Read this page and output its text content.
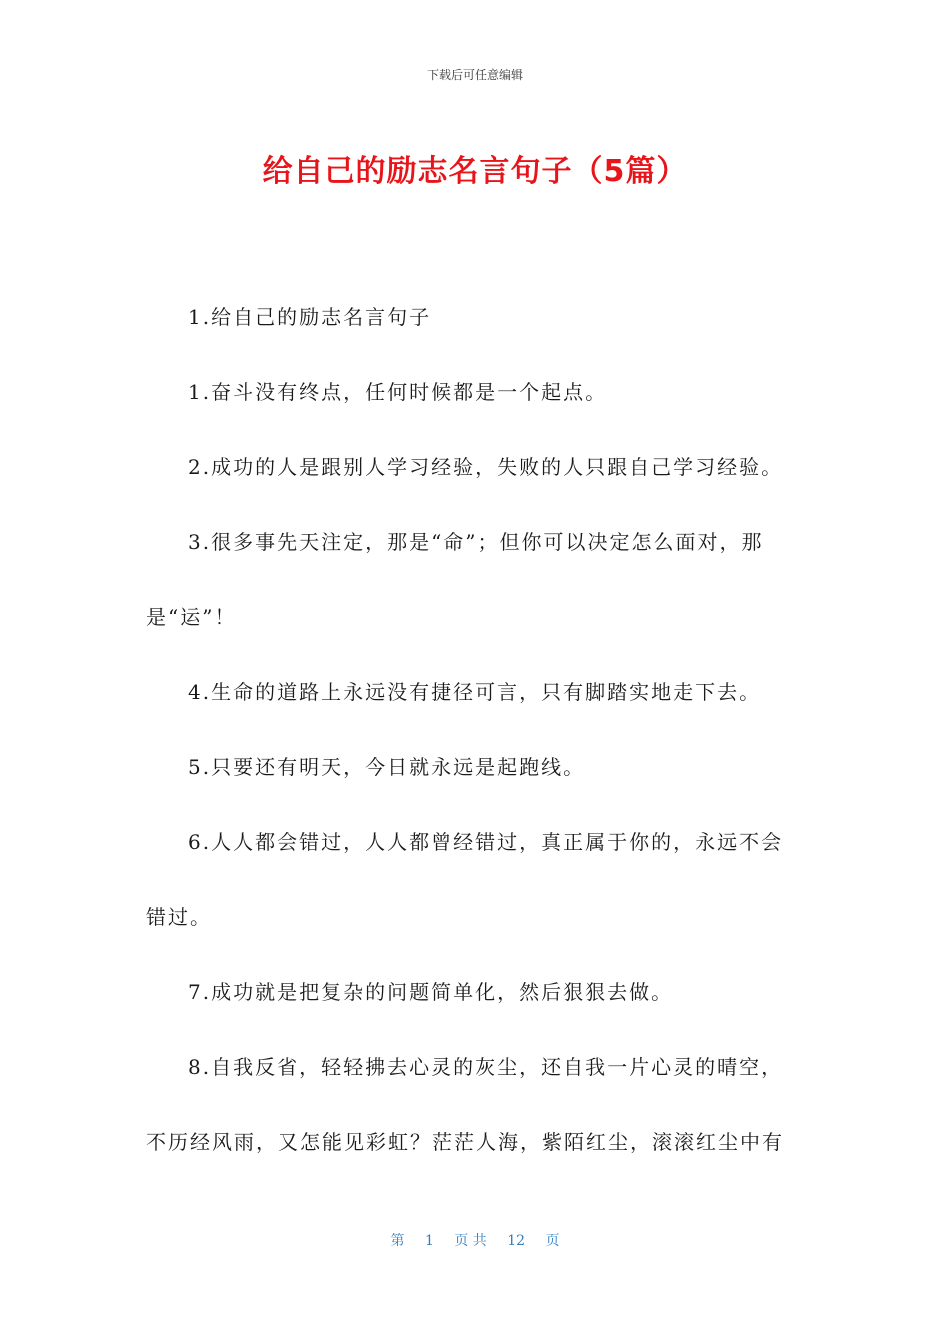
下载后可任意编辑
给自己的励志名言句子（5篇）
1.给自己的励志名言句子
1.奋斗没有终点，任何时候都是一个起点。
2.成功的人是跟别人学习经验，失败的人只跟自己学习经验。
3.很多事先天注定，那是“命”；但你可以决定怎么面对，那
是“运”！
4.生命的道路上永远没有捷径可言，只有脚踏实地走下去。
5.只要还有明天，今日就永远是起跑线。
6.人人都会错过，人人都曾经错过，真正属于你的，永远不会
错过。
7.成功就是把复杂的问题简单化，然后狠狠去做。
8.自我反省，轻轻拂去心灵的灰尘，还自我一片心灵的晴空，
不历经风雨，又怎能见彩虹？茫茫人海，紫陌红尘，滚滚红尘中有
第 1 页 共 12 页
